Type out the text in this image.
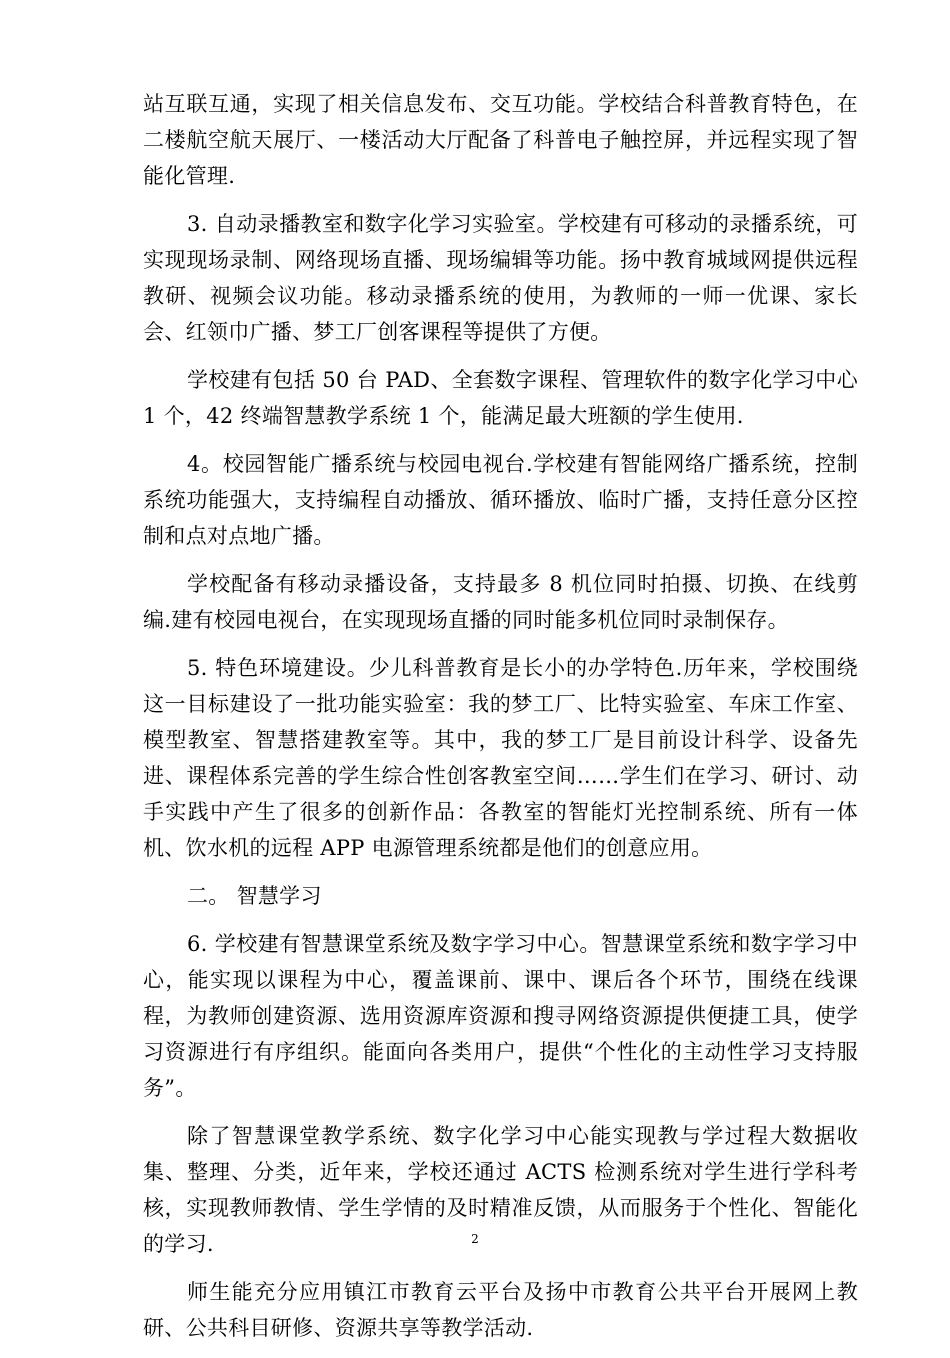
站互联互通，实现了相关信息发布、交互功能。学校结合科普教育特色，在二楼航空航天展厅、一楼活动大厅配备了科普电子触控屏，并远程实现了智能化管理.

3. 自动录播教室和数字化学习实验室。学校建有可移动的录播系统，可实现现场录制、网络现场直播、现场编辑等功能。扬中教育城域网提供远程教研、视频会议功能。移动录播系统的使用，为教师的一师一优课、家长会、红领巾广播、梦工厂创客课程等提供了方便。

学校建有包括 50 台 PAD、全套数字课程、管理软件的数字化学习中心 1 个，42 终端智慧教学系统 1 个，能满足最大班额的学生使用.

4。校园智能广播系统与校园电视台.学校建有智能网络广播系统，控制系统功能强大，支持编程自动播放、循环播放、临时广播，支持任意分区控制和点对点地广播。

学校配备有移动录播设备，支持最多 8 机位同时拍摄、切换、在线剪编.建有校园电视台，在实现现场直播的同时能多机位同时录制保存。

5. 特色环境建设。少儿科普教育是长小的办学特色.历年来，学校围绕这一目标建设了一批功能实验室：我的梦工厂、比特实验室、车床工作室、模型教室、智慧搭建教室等。其中，我的梦工厂是目前设计科学、设备先进、课程体系完善的学生综合性创客教室空间……学生们在学习、研讨、动手实践中产生了很多的创新作品：各教室的智能灯光控制系统、所有一体机、饮水机的远程 APP 电源管理系统都是他们的创意应用。

二。 智慧学习

6. 学校建有智慧课堂系统及数字学习中心。智慧课堂系统和数字学习中心，能实现以课程为中心，覆盖课前、课中、课后各个环节，围绕在线课程，为教师创建资源、选用资源库资源和搜寻网络资源提供便捷工具，使学习资源进行有序组织。能面向各类用户，提供“个性化的主动性学习支持服务”。

除了智慧课堂教学系统、数字化学习中心能实现教与学过程大数据收集、整理、分类，近年来，学校还通过 ACTS 检测系统对学生进行学科考核，实现教师教情、学生学情的及时精准反馈，从而服务于个性化、智能化的学习.

师生能充分应用镇江市教育云平台及扬中市教育公共平台开展网上教研、公共科目研修、资源共享等教学活动.

2
